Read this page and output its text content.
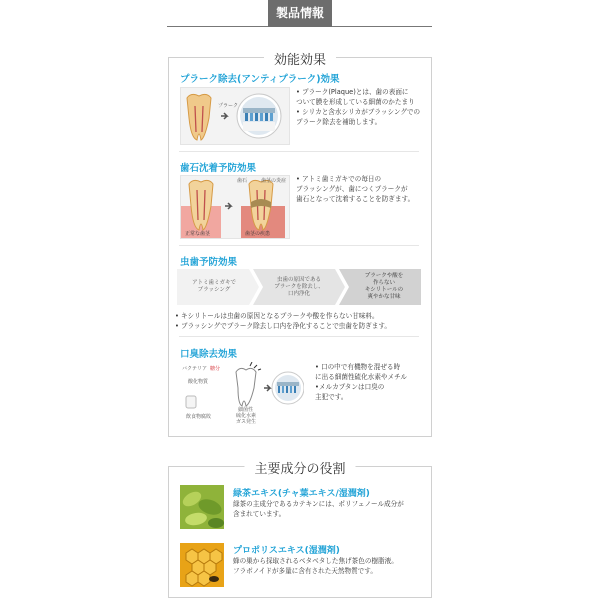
製品情報
効能効果
プラーク除去(アンティプラーク)効果
プラーク
• プラーク(Plaque)とは、歯の表面に
ついて膜を形成している細菌のかたまり
• シリカと含水シリカがブラッシングでの
プラーク除去を補助します。
歯石沈着予防効果
歯石	歯茎の炎症
正常な歯茎	歯茎の疾患
• アトミ歯ミガキでの毎日の
ブラッシングが、歯につくプラークが
歯石となって沈着することを防ぎます。
虫歯予防効果
• キシリトールは虫歯の原因となるプラークや酸を作らない甘味料。
• ブラッシングでプラーク除去し口内を浄化することで虫歯を防ぎます。
口臭除去効果
バクテリア 糖分
酸化物質
飲食物腐敗
細菌性
硫化水素
ガス発生
• 口の中で有機物を混ぜる時
に出る細菌性硫化水素やメチル
•メルカプタンは口臭の
主犯です。
アトミ歯ミガキで
ブラッシング
虫歯の原因である
プラークを除去し、
口内浄化
プラークや酸を
作らない
キシリトールの
爽やかな甘味
主要成分の役割
緑茶エキス(チャ葉エキス/湿潤剤)
緑茶の主成分であるカテキンには、ポリフェノール成分が
含まれています。
プロポリスエキス(湿潤剤)
蜂の巣から採取されるベタベタした焦げ茶色の樹脂液。
フラボノイドが多量に含有された天然物質です。
